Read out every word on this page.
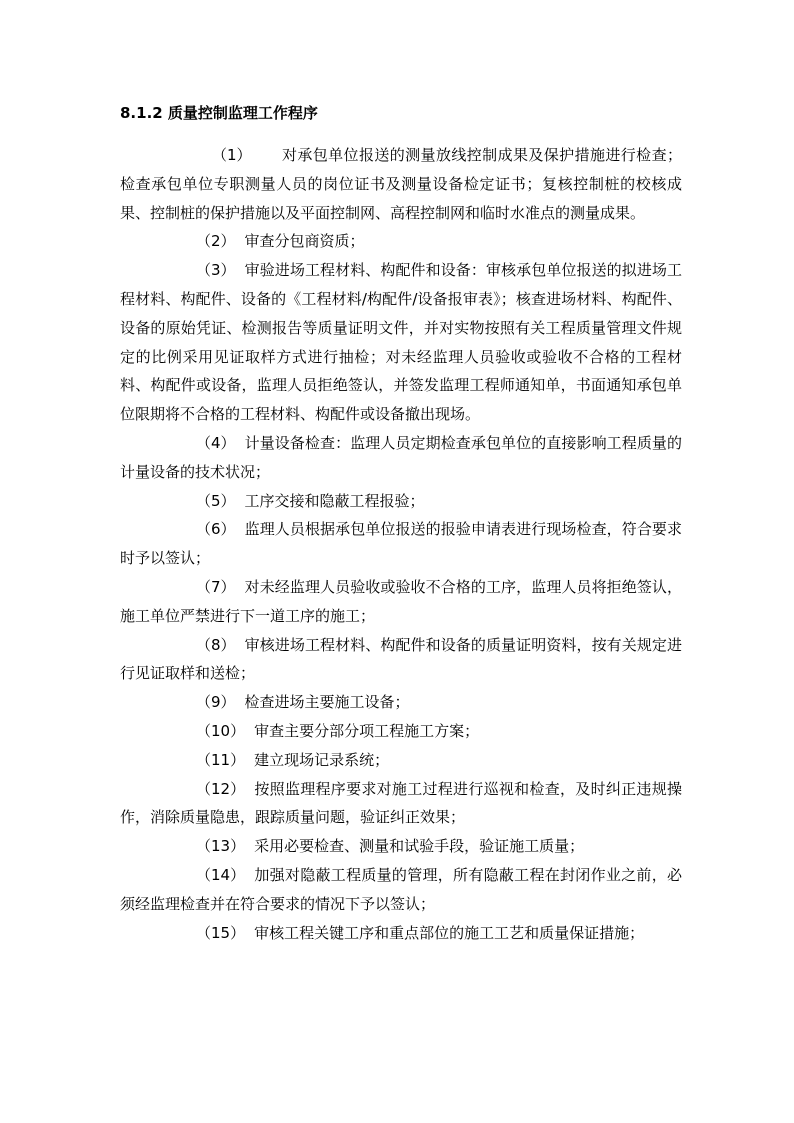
8.1.2 质量控制监理工作程序

（1） 对承包单位报送的测量放线控制成果及保护措施进行检查；检查承包单位专职测量人员的岗位证书及测量设备检定证书；复核控制桩的校核成果、控制桩的保护措施以及平面控制网、高程控制网和临时水准点的测量成果。

（2） 审查分包商资质；

（3） 审验进场工程材料、构配件和设备：审核承包单位报送的拟进场工程材料、构配件、设备的《工程材料/构配件/设备报审表》；核查进场材料、构配件、设备的原始凭证、检测报告等质量证明文件，并对实物按照有关工程质量管理文件规定的比例采用见证取样方式进行抽检；对未经监理人员验收或验收不合格的工程材料、构配件或设备，监理人员拒绝签认，并签发监理工程师通知单，书面通知承包单位限期将不合格的工程材料、构配件或设备撤出现场。

（4） 计量设备检查：监理人员定期检查承包单位的直接影响工程质量的计量设备的技术状况；

（5） 工序交接和隐蔽工程报验；

（6） 监理人员根据承包单位报送的报验申请表进行现场检查，符合要求时予以签认；

（7） 对未经监理人员验收或验收不合格的工序，监理人员将拒绝签认，施工单位严禁进行下一道工序的施工；

（8） 审核进场工程材料、构配件和设备的质量证明资料，按有关规定进行见证取样和送检；

（9） 检查进场主要施工设备；

（10） 审查主要分部分项工程施工方案；

（11） 建立现场记录系统；

（12） 按照监理程序要求对施工过程进行巡视和检查，及时纠正违规操作，消除质量隐患，跟踪质量问题，验证纠正效果；

（13） 采用必要检查、测量和试验手段，验证施工质量；

（14） 加强对隐蔽工程质量的管理，所有隐蔽工程在封闭作业之前，必须经监理检查并在符合要求的情况下予以签认；

（15） 审核工程关键工序和重点部位的施工工艺和质量保证措施；
